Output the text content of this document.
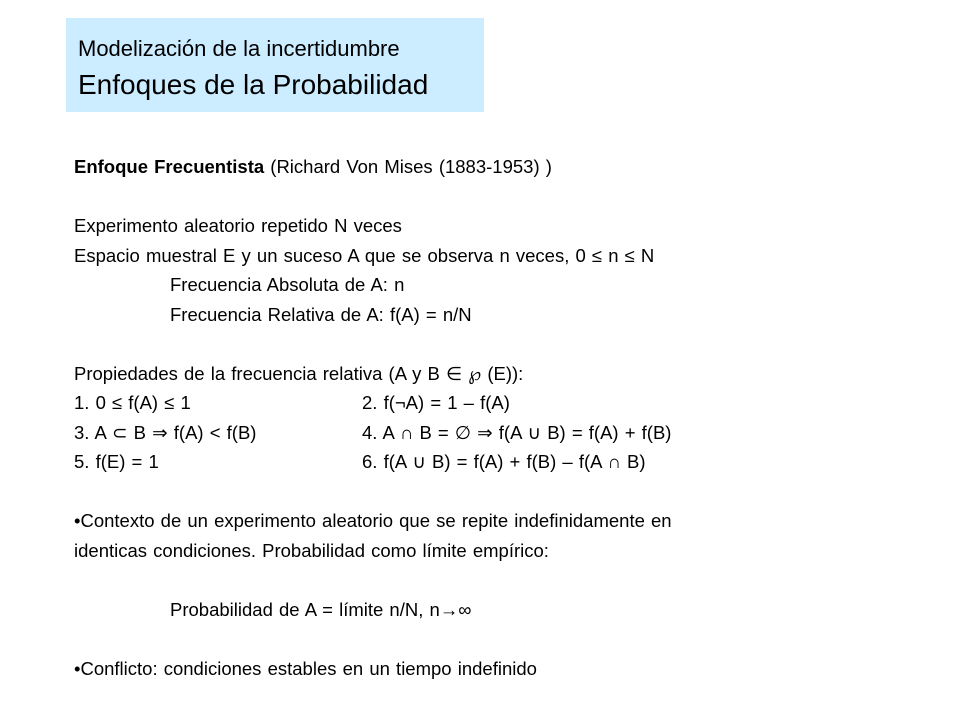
Modelización de la incertidumbre
Enfoques de la Probabilidad
Enfoque Frecuentista (Richard Von Mises (1883-1953) )
Experimento aleatorio repetido N veces
Espacio muestral E y un suceso A que se observa n veces, 0 ≤ n ≤ N
Frecuencia Absoluta de A: n
Frecuencia Relativa de A: f(A) = n/N
Propiedades de la frecuencia relativa (A y B ∈ ℘ (E)):
1. 0 ≤ f(A) ≤ 1	2. f(¬A) = 1 – f(A)
3. A ⊂ B ⇒ f(A) < f(B)	4. A ∩ B = ∅ ⇒ f(A ∪ B) = f(A) + f(B)
5. f(E) = 1	6. f(A ∪ B) = f(A) + f(B) – f(A ∩ B)
•Contexto de un experimento aleatorio que se repite indefinidamente en
identicas condiciones. Probabilidad como límite empírico:
Probabilidad de A = límite n/N, n→∞
•Conflicto: condiciones estables en un tiempo indefinido
